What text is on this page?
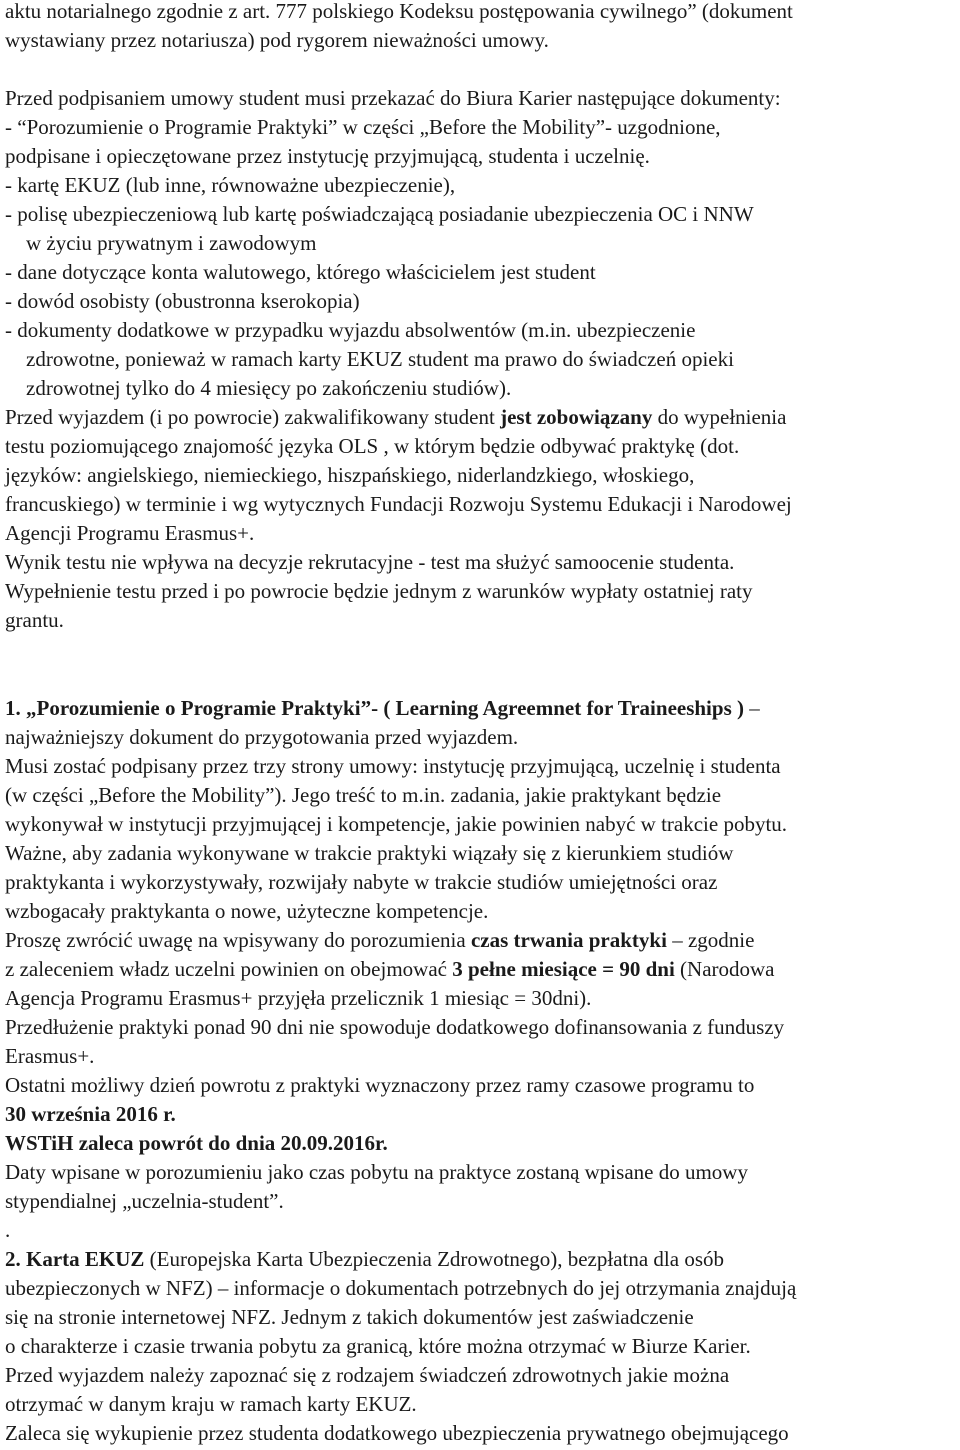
aktu notarialnego zgodnie z art. 777 polskiego Kodeksu postępowania cywilnego” (dokument
wystawiany przez notariusza) pod rygorem nieważności umowy.
Przed podpisaniem umowy student musi przekazać do Biura Karier następujące dokumenty:
- “Porozumienie o Programie Praktyki” w części „Before the Mobility”- uzgodnione,
podpisane i opieczętowane przez instytucję przyjmującą, studenta i uczelnię.
- kartę EKUZ (lub inne, równoważne ubezpieczenie),
- polisę ubezpieczeniową lub kartę poświadczającą posiadanie ubezpieczenia OC i NNW
w życiu prywatnym i zawodowym
- dane dotyczące konta walutowego, którego właścicielem jest student
- dowód osobisty (obustronna kserokopia)
- dokumenty dodatkowe w przypadku wyjazdu absolwentów (m.in. ubezpieczenie
zdrowotne, ponieważ w ramach karty EKUZ student ma prawo do świadczeń opieki
zdrowotnej tylko do 4 miesięcy po zakończeniu studiów).
Przed wyjazdem (i po powrocie) zakwalifikowany student jest zobowiązany do wypełnienia
testu poziomującego znajomość języka OLS , w którym będzie odbywać praktykę (dot.
języków: angielskiego, niemieckiego, hiszpańskiego, niderlandzkiego, włoskiego,
francuskiego) w terminie i wg wytycznych Fundacji Rozwoju Systemu Edukacji i Narodowej
Agencji Programu Erasmus+.
Wynik testu nie wpływa na decyzje rekrutacyjne - test ma służyć samoocenie studenta.
Wypełnienie testu przed i po powrocie będzie jednym z warunków wypłaty ostatniej raty
grantu.
1. „Porozumienie o Programie Praktyki”- ( Learning Agreemnet for Traineeships ) –
najważniejszy dokument do przygotowania przed wyjazdem.
Musi zostać podpisany przez trzy strony umowy: instytucję przyjmującą, uczelnię i studenta
(w części „Before the Mobility”). Jego treść to m.in. zadania, jakie praktykant będzie
wykonywał w instytucji przyjmującej i kompetencje, jakie powinien nabyć w trakcie pobytu.
Ważne, aby zadania wykonywane w trakcie praktyki wiązały się z kierunkiem studiów
praktykanta i wykorzystywały, rozwijały nabyte w trakcie studiów umiejętności oraz
wzbogacały praktykanta o nowe, użyteczne kompetencje.
Proszę zwrócić uwagę na wpisywany do porozumienia czas trwania praktyki – zgodnie
z zaleceniem władz uczelni powinien on obejmować 3 pełne miesiące = 90 dni (Narodowa
Agencja Programu Erasmus+ przyjęła przelicznik 1 miesiąc = 30dni).
Przedłużenie praktyki ponad 90 dni nie spowoduje dodatkowego dofinansowania z funduszy
Erasmus+.
Ostatni możliwy dzień powrotu z praktyki wyznaczony przez ramy czasowe programu to
30 września 2016 r.
WSTiH zaleca powrót do dnia 20.09.2016r.
Daty wpisane w porozumieniu jako czas pobytu na praktyce zostaną wpisane do umowy
stypendialnej „uczelnia-student”.
.
2. Karta EKUZ (Europejska Karta Ubezpieczenia Zdrowotnego), bezpłatna dla osób
ubezpieczonych w NFZ) – informacje o dokumentach potrzebnych do jej otrzymania znajdują
się na stronie internetowej NFZ. Jednym z takich dokumentów jest zaświadczenie
o charakterze i czasie trwania pobytu za granicą, które można otrzymać w Biurze Karier.
Przed wyjazdem należy zapoznać się z rodzajem świadczeń zdrowotnych jakie można
otrzymać w danym kraju w ramach karty EKUZ.
Zaleca się wykupienie przez studenta dodatkowego ubezpieczenia prywatnego obejmującego
